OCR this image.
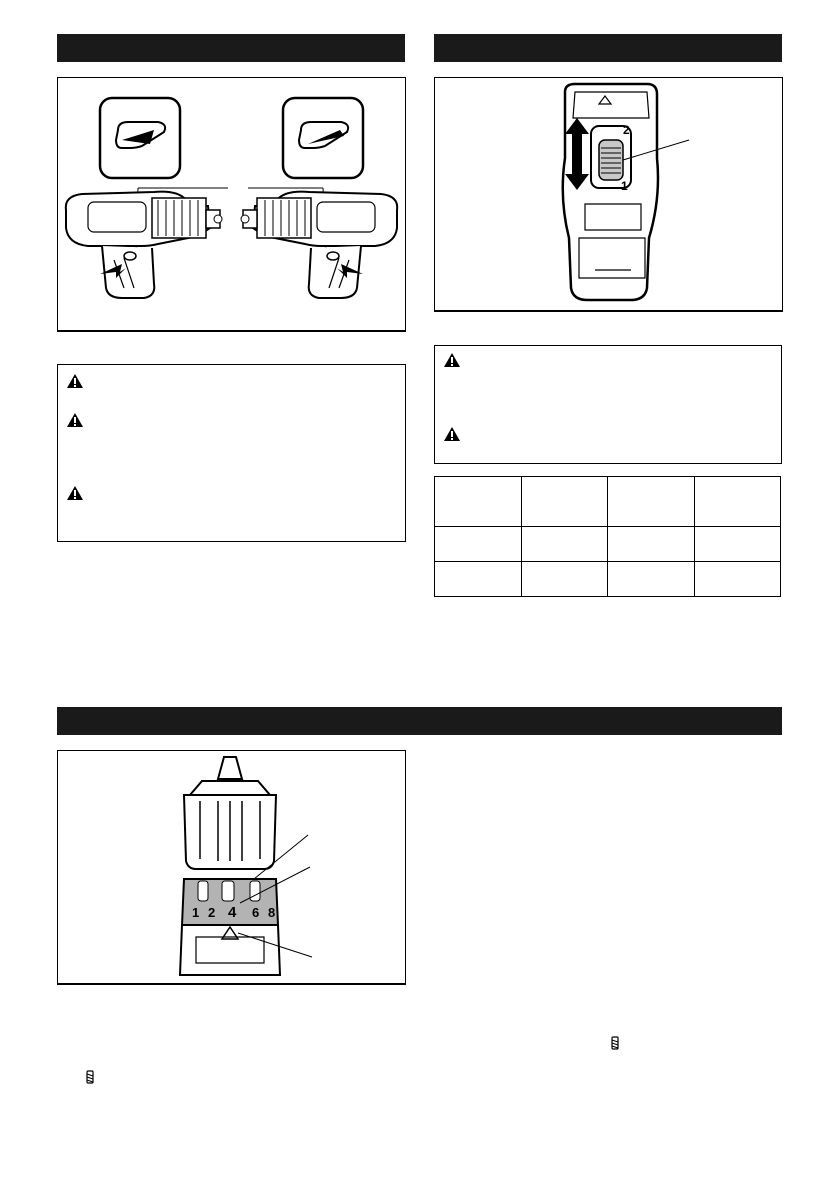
2
1

1 2 4 6 8
